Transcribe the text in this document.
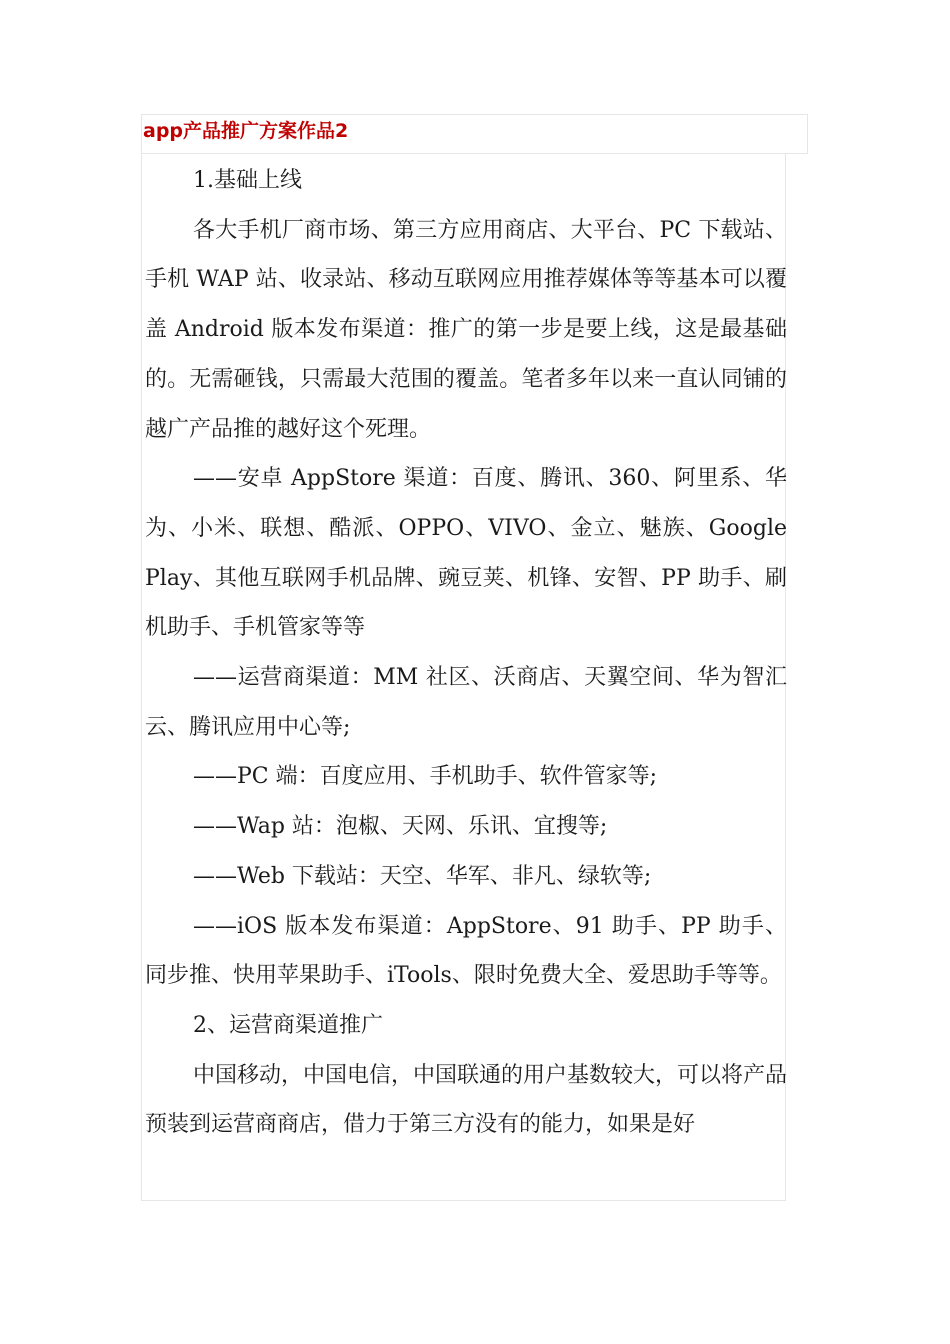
app产品推广方案作品2

1.基础上线

各大手机厂商市场、第三方应用商店、大平台、PC 下载站、手机 WAP 站、收录站、移动互联网应用推荐媒体等等基本可以覆盖 Android 版本发布渠道：推广的第一步是要上线，这是最基础的。无需砸钱，只需最大范围的覆盖。笔者多年以来一直认同铺的越广产品推的越好这个死理。

——安卓 AppStore 渠道：百度、腾讯、360、阿里系、华为、小米、联想、酷派、OPPO、VIVO、金立、魅族、Google Play、其他互联网手机品牌、豌豆荚、机锋、安智、PP 助手、刷机助手、手机管家等等

——运营商渠道：MM 社区、沃商店、天翼空间、华为智汇云、腾讯应用中心等;

——PC 端：百度应用、手机助手、软件管家等;

——Wap 站：泡椒、天网、乐讯、宜搜等;

——Web 下载站：天空、华军、非凡、绿软等;

——iOS 版本发布渠道：AppStore、91 助手、PP 助手、同步推、快用苹果助手、iTools、限时免费大全、爱思助手等等。

2、运营商渠道推广

中国移动，中国电信，中国联通的用户基数较大，可以将产品预装到运营商商店，借力于第三方没有的能力，如果是好
